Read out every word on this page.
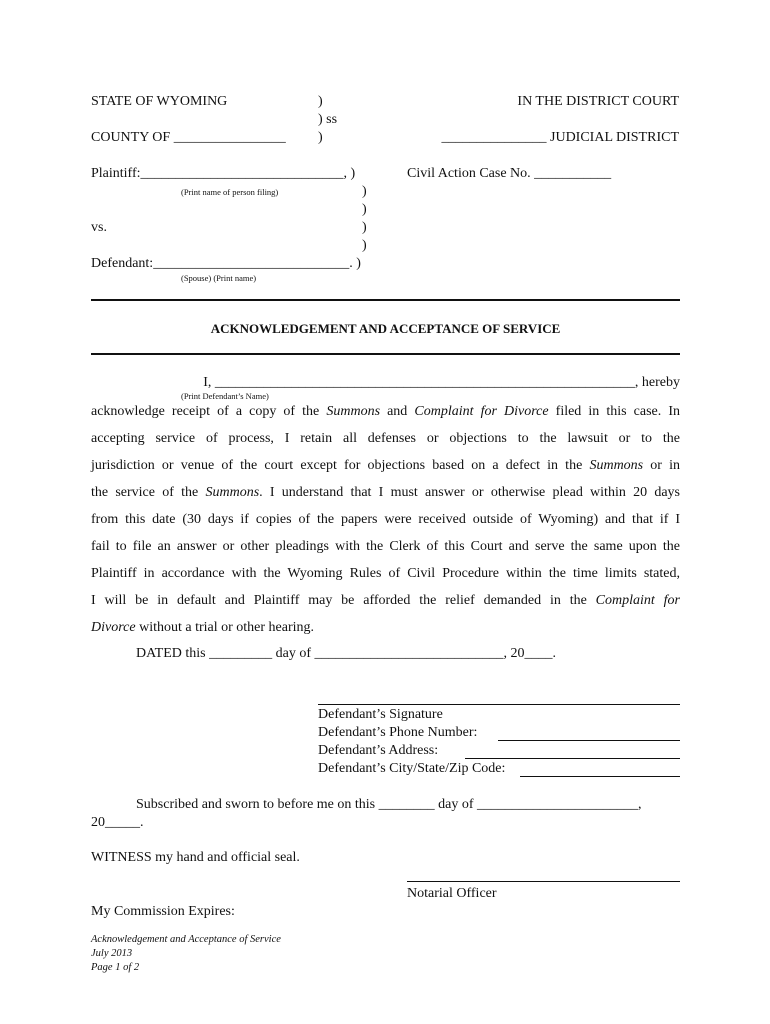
STATE OF WYOMING	)
) ss
)
COUNTY OF ________________
IN THE DISTRICT COURT
_______________ JUDICIAL DISTRICT
Plaintiff:_____________________________, )
(Print name of person filing)
Civil Action Case No. ___________
)
)
)
)
vs.
Defendant:____________________________. )
(Spouse) (Print name)
ACKNOWLEDGEMENT AND ACCEPTANCE OF SERVICE
I, ____________________________________________________________, hereby
(Print Defendant’s Name)
acknowledge receipt of a copy of the Summons and Complaint for Divorce filed in this case. In
accepting service of process, I retain all defenses or objections to the lawsuit or to the
jurisdiction or venue of the court except for objections based on a defect in the Summons or in
the service of the Summons. I understand that I must answer or otherwise plead within 20 days
from this date (30 days if copies of the papers were received outside of Wyoming) and that if I
fail to file an answer or other pleadings with the Clerk of this Court and serve the same upon the
Plaintiff in accordance with the Wyoming Rules of Civil Procedure within the time limits stated,
I will be in default and Plaintiff may be afforded the relief demanded in the Complaint for
Divorce without a trial or other hearing.
DATED this _________ day of ___________________________, 20____.
Defendant’s Signature
Defendant’s Phone Number:
Defendant’s Address:
Defendant’s City/State/Zip Code:
Subscribed and sworn to before me on this ________ day of _______________________,
20_____.
WITNESS my hand and official seal.
Notarial Officer
My Commission Expires:
Acknowledgement and Acceptance of Service
July 2013
Page 1 of 2
